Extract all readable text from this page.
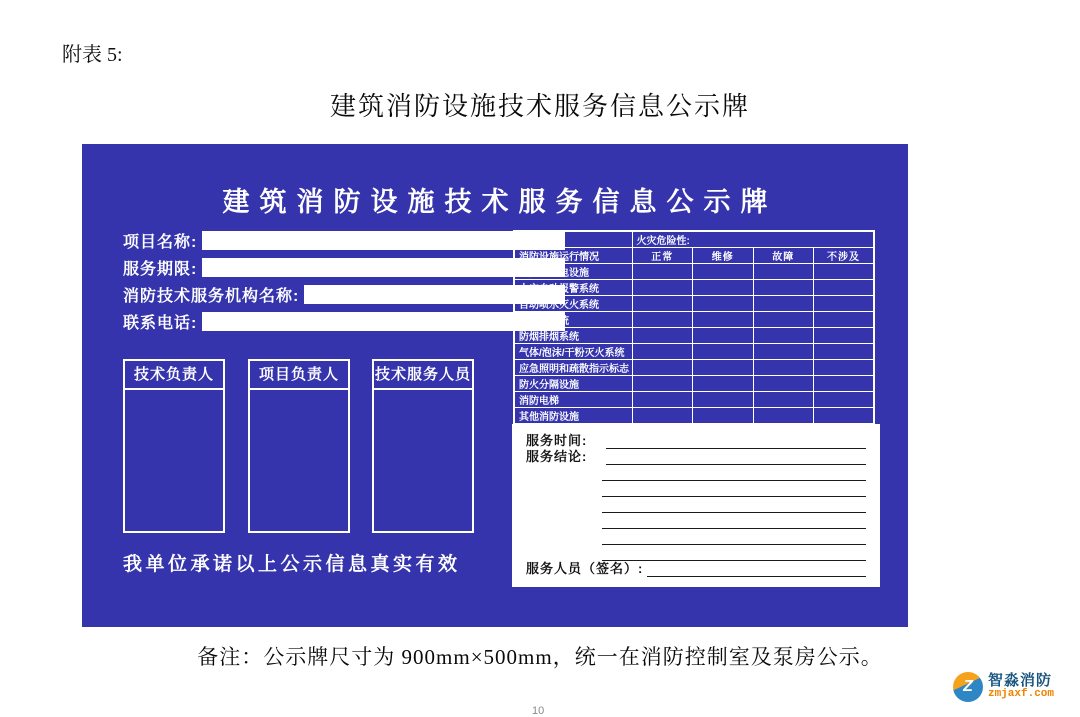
附表 5:
建筑消防设施技术服务信息公示牌
建筑消防设施技术服务信息公示牌
项目名称:
服务期限:
消防技术服务机构名称:
联系电话:
技术负责人	项目负责人	技术服务人员
我单位承诺以上公示信息真实有效
建筑面积:	火灾危险性:			
消防设施运行情况	正常	维修	故障	不涉及
消防供配电设施				
火灾自动报警系统				
自动喷水灭火系统				
消防栓系统				
防烟排烟系统				
气体/泡沫/干粉灭火系统				
应急照明和疏散指示标志				
防火分隔设施				
消防电梯				
其他消防设施				
服务时间:
服务结论:
服务人员（签名）:
备注：公示牌尺寸为 900mm×500mm，统一在消防控制室及泵房公示。
10
Z	智淼消防
zmjaxf.com
